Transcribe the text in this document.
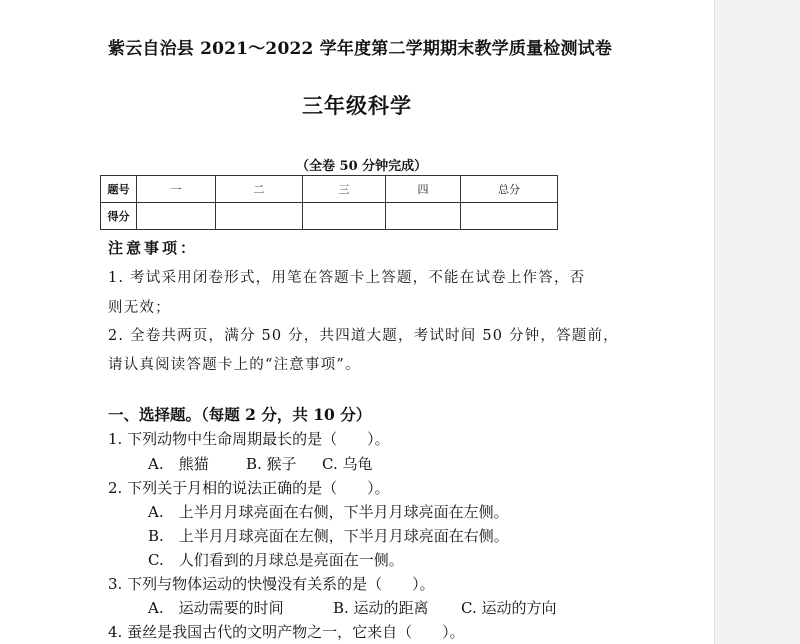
紫云自治县 2021～2022 学年度第二学期期末教学质量检测试卷
三年级科学
（全卷 50 分钟完成）
题号	一	二	三	四	总分
得分					
注意事项：
1. 考试采用闭卷形式，用笔在答题卡上答题，不能在试卷上作答，否
则无效；
2. 全卷共两页，满分 50 分，共四道大题，考试时间 50 分钟，答题前，
请认真阅读答题卡上的“注意事项”。
一、选择题。（每题 2 分，共 10 分）
1. 下列动物中生命周期最长的是（　　）。
A.　熊猫 B. 猴子 C. 乌龟
2. 下列关于月相的说法正确的是（　　）。
A.　上半月月球亮面在右侧，下半月月球亮面在左侧。
B.　上半月月球亮面在左侧，下半月月球亮面在右侧。
C.　人们看到的月球总是亮面在一侧。
3. 下列与物体运动的快慢没有关系的是（　　）。
A.　运动需要的时间	B. 运动的距离 C. 运动的方向
4. 蚕丝是我国古代的文明产物之一，它来自（　　）。
